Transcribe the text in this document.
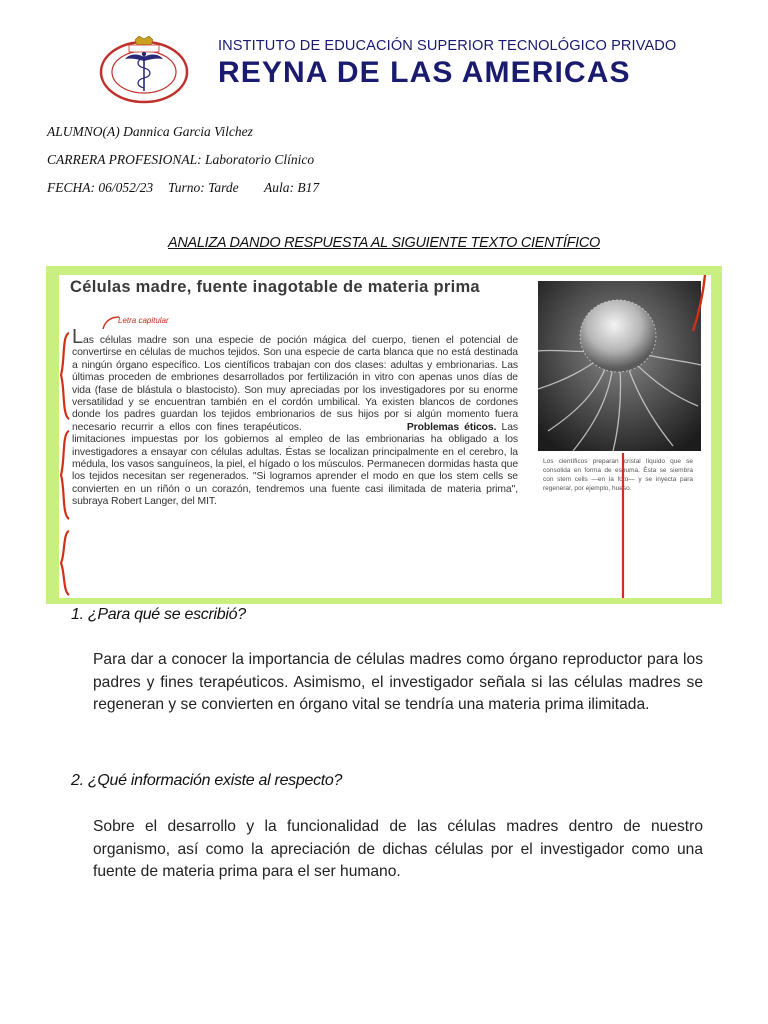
INSTITUTO DE EDUCACIÓN SUPERIOR TECNOLÓGICO PRIVADO
REYNA DE LAS AMERICAS
ALUMNO(A) Dannica Garcia Vilchez
CARRERA PROFESIONAL: Laboratorio Clínico
FECHA: 06/052/23 Turno: Tarde Aula: B17
ANALIZA DANDO RESPUESTA AL SIGUIENTE TEXTO CIENTÍFICO
Células madre, fuente inagotable de materia prima
Letra capitular
Las células madre son una especie de poción mágica del cuerpo, tienen el potencial de convertirse en células de muchos tejidos. Son una especie de carta blanca que no está destinada a ningún órgano específico. Los científicos trabajan con dos clases: adultas y embrionarias. Las últimas proceden de embriones desarrollados por fertilización in vitro con apenas unos días de vida (fase de blástula o blastocisto). Son muy apreciadas por los investigadores por su enorme versatilidad y se encuentran también en el cordón umbilical. Ya existen blancos de cordones donde los padres guardan los tejidos embrionarios de sus hijos por si algún momento fuera necesario recurrir a ellos con fines terapéuticos.	Problemas éticos. Las limitaciones impuestas por los gobiernos al empleo de las embrionarias ha obligado a los investigadores a ensayar con células adultas. Éstas se localizan principalmente en el cerebro, la médula, los vasos sanguíneos, la piel, el hígado o los músculos. Permanecen dormidas hasta que los tejidos necesitan ser regenerados. "Si logramos aprender el modo en que los stem cells se convierten en un riñón o un corazón, tendremos una fuente casi ilimitada de materia prima", subraya Robert Langer, del MIT.
Los científicos preparan cristal líquido que se consolida en forma de espuma. Ésta se siembra con stem cells —en la foto— y se inyecta para regenerar, por ejemplo, hueso.
1. ¿Para qué se escribió?
Para dar a conocer la importancia de células madres como órgano reproductor para los padres y fines terapéuticos. Asimismo, el investigador señala si las células madres se regeneran y se convierten en órgano vital se tendría una materia prima ilimitada.
2. ¿Qué información existe al respecto?
Sobre el desarrollo y la funcionalidad de las células madres dentro de nuestro organismo, así como la apreciación de dichas células por el investigador como una fuente de materia prima para el ser humano.
